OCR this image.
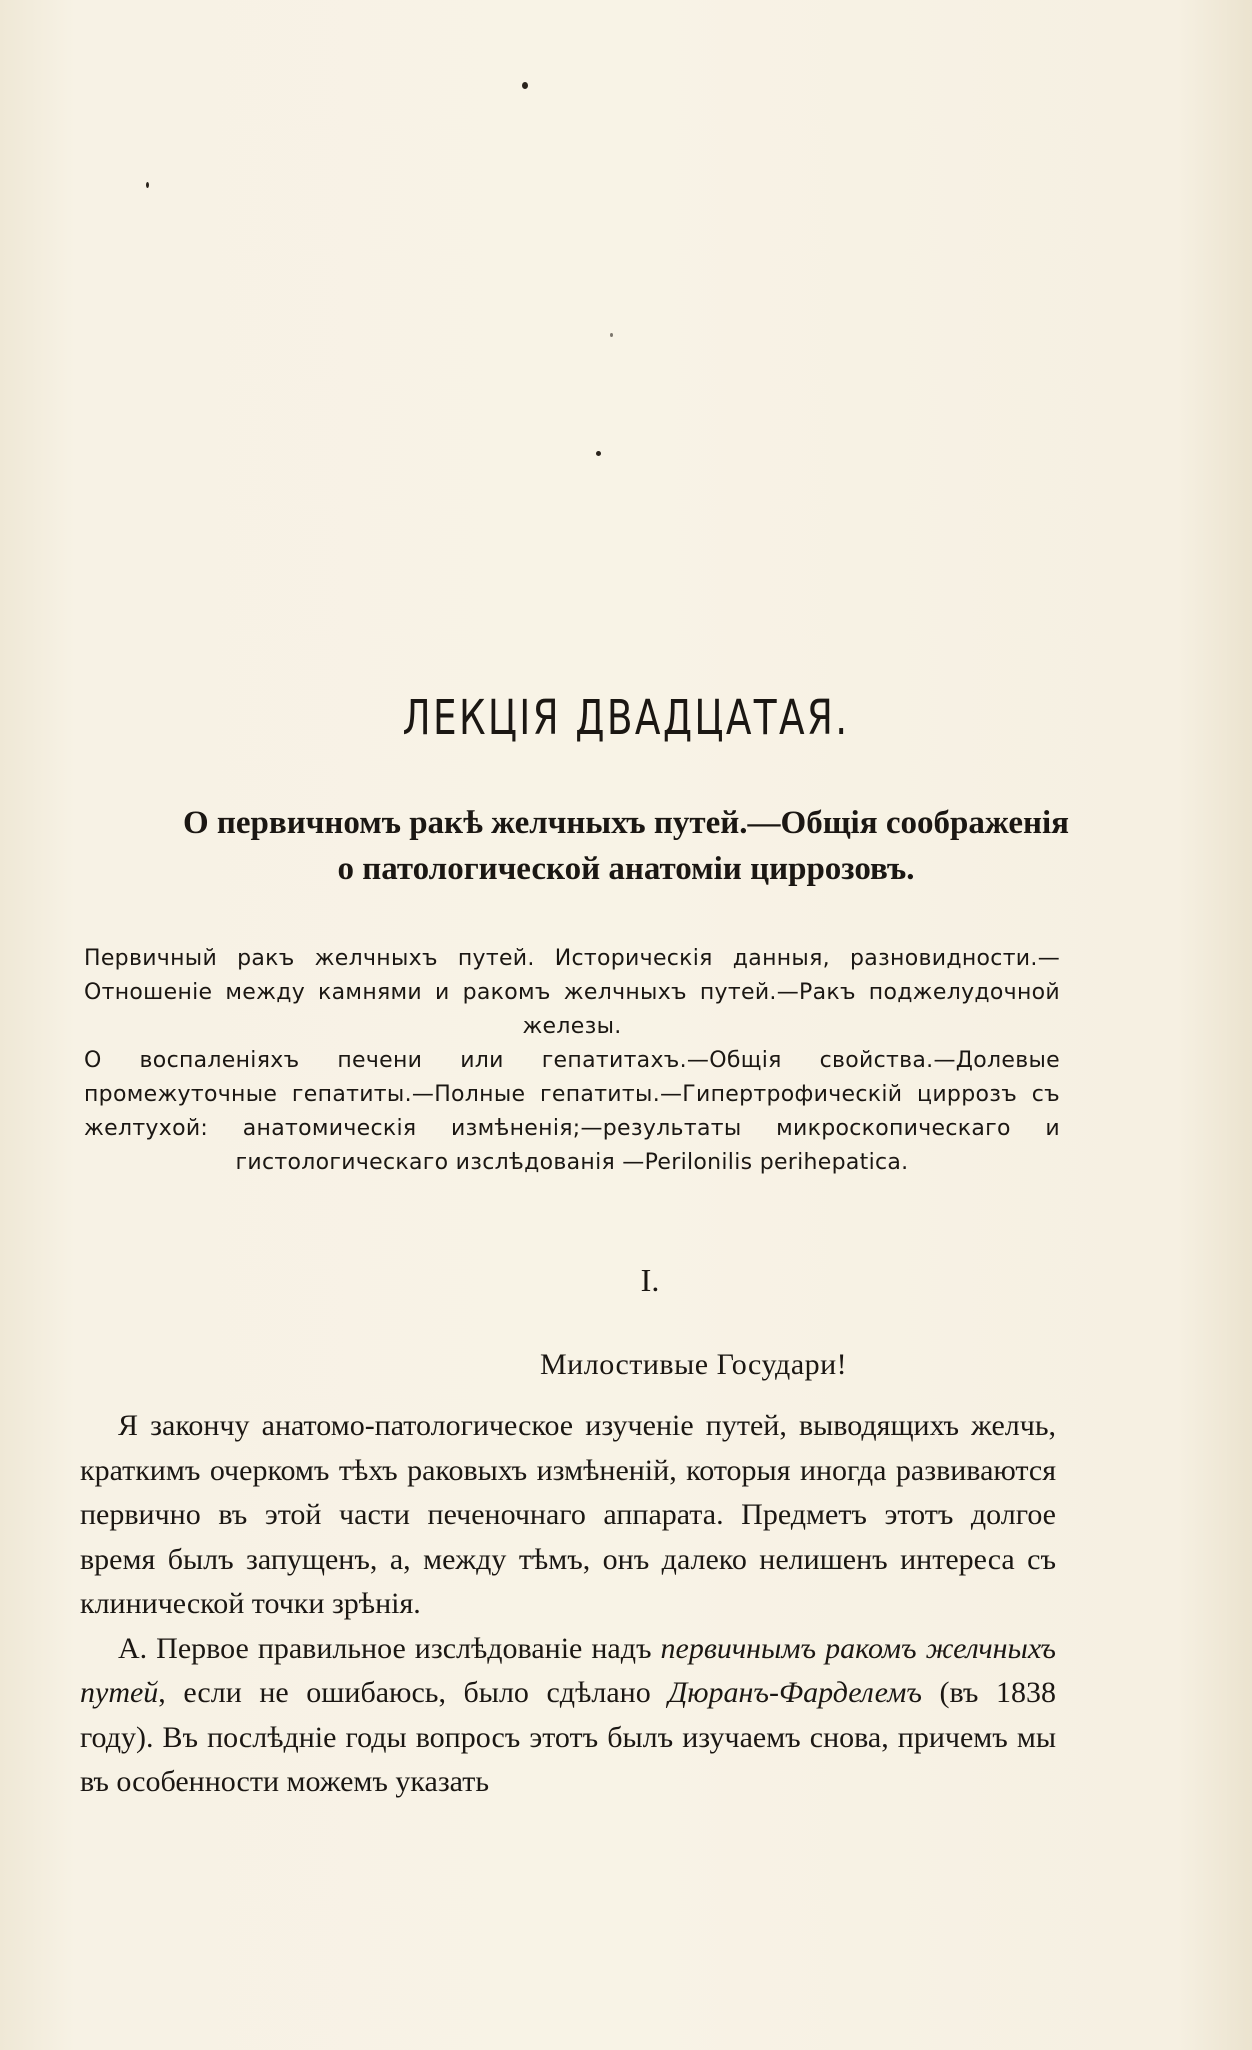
ЛЕКЦІЯ ДВАДЦАТАЯ.
О первичномъ ракѣ желчныхъ путей.—Общія соображенія
о патологической анатоміи циррозовъ.

Первичный ракъ желчныхъ путей. Историческія данныя, разновидности.—Отношеніе между камнями и ракомъ желчныхъ путей.—Ракъ поджелудочной железы.

О воспаленіяхъ печени или гепатитахъ.—Общія свойства.—Долевые промежуточные гепатиты.—Полные гепатиты.—Гипертрофическій циррозъ съ желтухой: анатомическія измѣненія;—результаты микроскопическаго и гистологическаго изслѣдованія —Perilonilis perihepatica.

I.
Милостивые Государи!

Я закончу анатомо-патологическое изученіе путей, выводящихъ желчь, краткимъ очеркомъ тѣхъ раковыхъ измѣненій, которыя иногда развиваются первично въ этой части печеночнаго аппарата. Предметъ этотъ долгое время былъ запущенъ, а, между тѣмъ, онъ далеко нелишенъ интереса съ клинической точки зрѣнія.

А. Первое правильное изслѣдованіе надъ первичнымъ ракомъ желчныхъ путей, если не ошибаюсь, было сдѣлано Дюранъ-Фарделемъ (въ 1838 году). Въ послѣдніе годы вопросъ этотъ былъ изучаемъ снова, причемъ мы въ особенности можемъ указать
